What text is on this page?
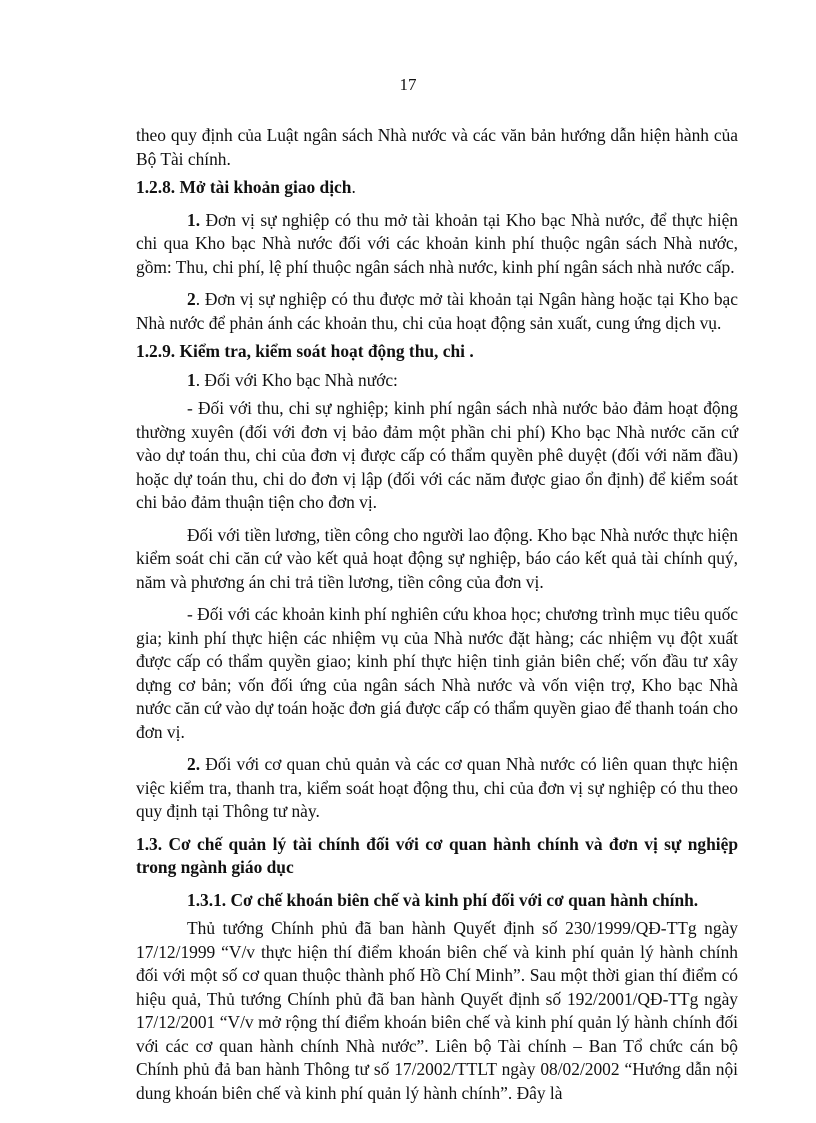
17

theo quy định của Luật ngân sách Nhà nước và các văn bản hướng dẫn hiện hành của Bộ Tài chính.

1.2.8. Mở tài khoản giao dịch.

1. Đơn vị sự nghiệp có thu mở tài khoản tại Kho bạc Nhà nước, để thực hiện chi qua Kho bạc Nhà nước đối với các khoản kinh phí thuộc ngân sách Nhà nước, gồm: Thu, chi phí, lệ phí thuộc ngân sách nhà nước, kinh phí ngân sách nhà nước cấp.

2. Đơn vị sự nghiệp có thu được mở tài khoản tại Ngân hàng hoặc tại Kho bạc Nhà nước để phản ánh các khoản thu, chi của hoạt động sản xuất, cung ứng dịch vụ.

1.2.9. Kiểm tra, kiểm soát hoạt động thu, chi .

1. Đối với Kho bạc Nhà nước:

- Đối với thu, chi sự nghiệp; kinh phí ngân sách nhà nước bảo đảm hoạt động thường xuyên (đối với đơn vị bảo đảm một phần chi phí) Kho bạc Nhà nước căn cứ vào dự toán thu, chi của đơn vị được cấp có thẩm quyền phê duyệt (đối với năm đầu) hoặc dự toán thu, chi do đơn vị lập (đối với các năm được giao ổn định) để kiểm soát chi bảo đảm thuận tiện cho đơn vị.

Đối với tiền lương, tiền công cho người lao động. Kho bạc Nhà nước thực hiện kiểm soát chi căn cứ vào kết quả hoạt động sự nghiệp, báo cáo kết quả tài chính quý, năm và phương án chi trả tiền lương, tiền công của đơn vị.

- Đối với các khoản kinh phí nghiên cứu khoa học; chương trình mục tiêu quốc gia; kinh phí thực hiện các nhiệm vụ của Nhà nước đặt hàng; các nhiệm vụ đột xuất được cấp có thẩm quyền giao; kinh phí thực hiện tinh giản biên chế; vốn đầu tư xây dựng cơ bản; vốn đối ứng của ngân sách Nhà nước và vốn viện trợ, Kho bạc Nhà nước căn cứ vào dự toán hoặc đơn giá được cấp có thẩm quyền giao để thanh toán cho đơn vị.

2. Đối với cơ quan chủ quản và các cơ quan Nhà nước có liên quan thực hiện việc kiểm tra, thanh tra, kiểm soát hoạt động thu, chi của đơn vị sự nghiệp có thu theo quy định tại Thông tư này.

1.3. Cơ chế quản lý tài chính đối với cơ quan hành chính và đơn vị sự nghiệp trong ngành giáo dục

1.3.1. Cơ chế khoán biên chế và kinh phí đối với cơ quan hành chính.

Thủ tướng Chính phủ đã ban hành Quyết định số 230/1999/QĐ-TTg ngày 17/12/1999 “V/v thực hiện thí điểm khoán biên chế và kinh phí quản lý hành chính đối với một số cơ quan thuộc thành phố Hồ Chí Minh”. Sau một thời gian thí điểm có hiệu quả, Thủ tướng Chính phủ đã ban hành Quyết định số 192/2001/QĐ-TTg ngày 17/12/2001 “V/v mở rộng thí điểm khoán biên chế và kinh phí quản lý hành chính đối với các cơ quan hành chính Nhà nước”. Liên bộ Tài chính – Ban Tổ chức cán bộ Chính phủ đả ban hành Thông tư số 17/2002/TTLT ngày 08/02/2002 “Hướng dẫn nội dung khoán biên chế và kinh phí quản lý hành chính”. Đây là
